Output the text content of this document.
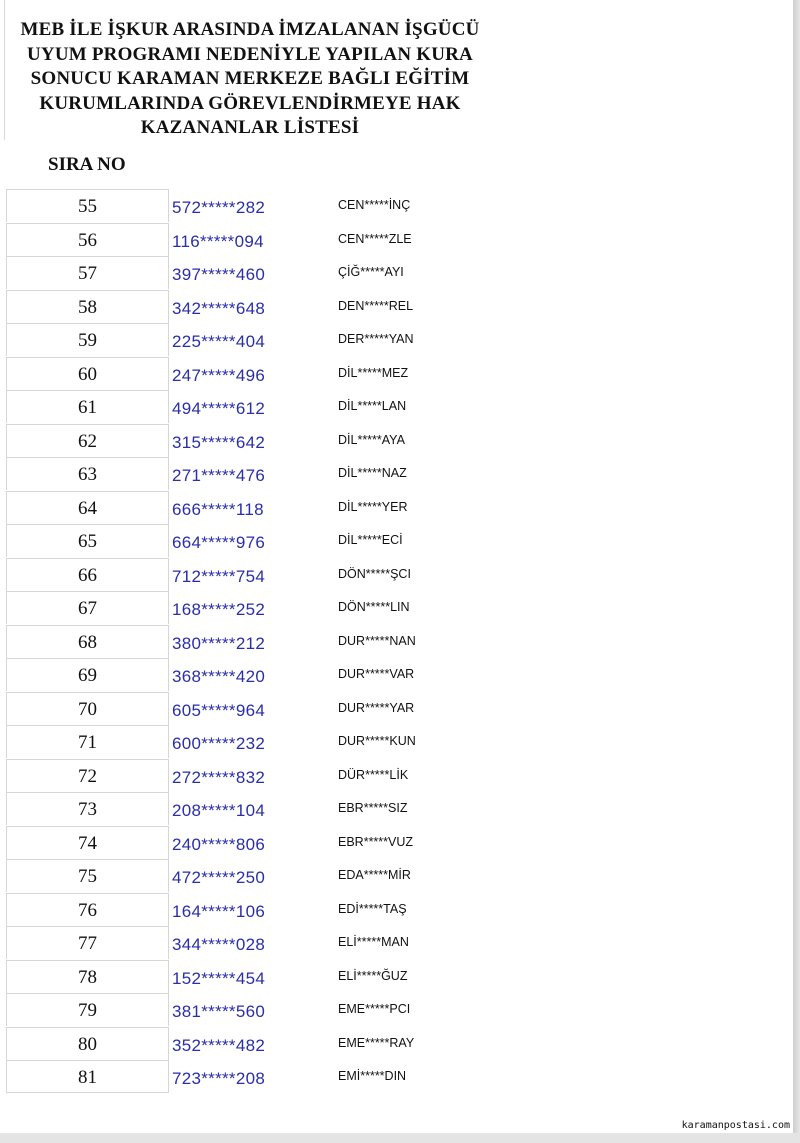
MEB İLE İŞKUR ARASINDA İMZALANAN İŞGÜCÜ
UYUM PROGRAMI NEDENİYLE YAPILAN KURA
SONUCU KARAMAN MERKEZE BAĞLI EĞİTİM
KURUMLARINDA GÖREVLENDİRMEYE HAK
KAZANANLAR LİSTESİ
SIRA NO
55	572*****282	CEN*****İNÇ
56	116*****094	CEN*****ZLE
57	397*****460	ÇİĞ*****AYI
58	342*****648	DEN*****REL
59	225*****404	DER*****YAN
60	247*****496	DİL*****MEZ
61	494*****612	DİL*****LAN
62	315*****642	DİL*****AYA
63	271*****476	DİL*****NAZ
64	666*****118	DİL*****YER
65	664*****976	DİL*****ECİ
66	712*****754	DÖN*****ŞCI
67	168*****252	DÖN*****LIN
68	380*****212	DUR*****NAN
69	368*****420	DUR*****VAR
70	605*****964	DUR*****YAR
71	600*****232	DUR*****KUN
72	272*****832	DÜR*****LİK
73	208*****104	EBR*****SIZ
74	240*****806	EBR*****VUZ
75	472*****250	EDA*****MİR
76	164*****106	EDİ*****TAŞ
77	344*****028	ELİ*****MAN
78	152*****454	ELİ*****ĞUZ
79	381*****560	EME*****PCI
80	352*****482	EME*****RAY
81	723*****208	EMİ*****DIN
karamanpostasi.com
